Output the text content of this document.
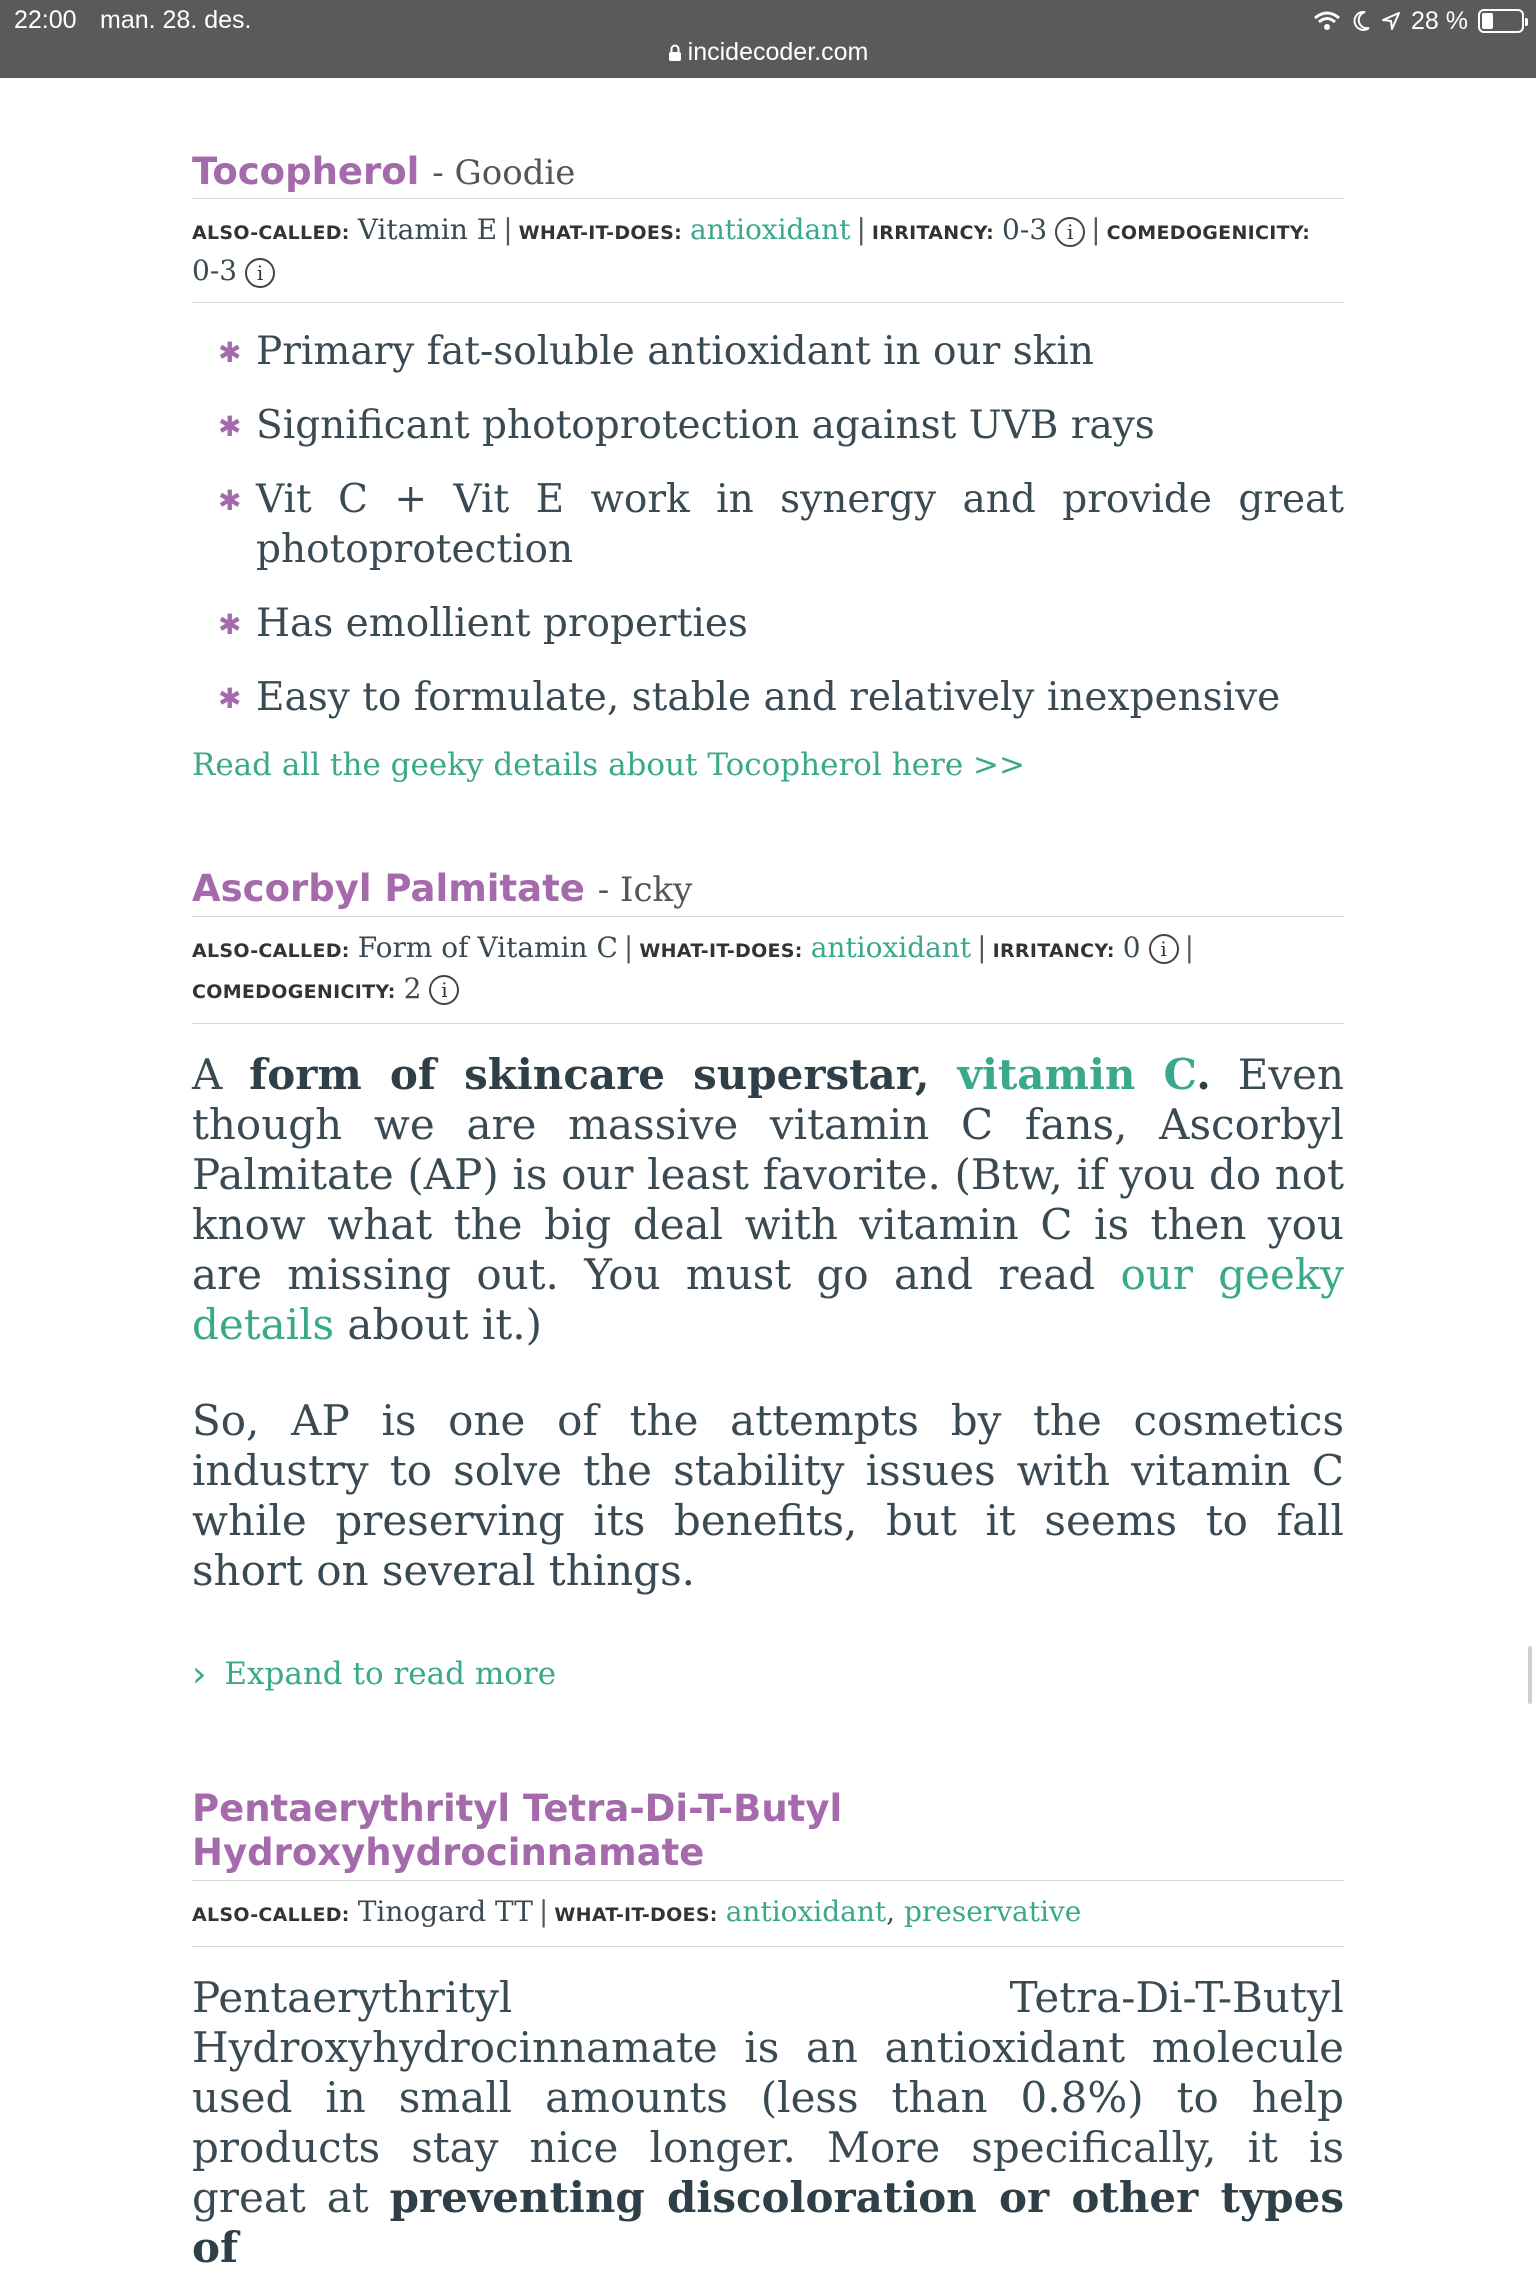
22:00 man. 28. des.	28 %
incidecoder.com
Tocopherol - Goodie
ALSO-CALLED: Vitamin E | WHAT-IT-DOES: antioxidant | IRRITANCY: 0-3 i | COMEDOGENICITY:
0-3 i
✱ Primary fat-soluble antioxidant in our skin
✱ Significant photoprotection against UVB rays
✱ Vit C + Vit E work in synergy and provide great photoprotection
✱ Has emollient properties
✱ Easy to formulate, stable and relatively inexpensive
Read all the geeky details about Tocopherol here >>
Ascorbyl Palmitate - Icky
ALSO-CALLED: Form of Vitamin C | WHAT-IT-DOES: antioxidant | IRRITANCY: 0 i |
COMEDOGENICITY: 2 i

A form of skincare superstar, vitamin C. Even though we are massive vitamin C fans, Ascorbyl Palmitate (AP) is our least favorite. (Btw, if you do not know what the big deal with vitamin C is then you are missing out. You must go and read our geeky details about it.)

So, AP is one of the attempts by the cosmetics industry to solve the stability issues with vitamin C while preserving its benefits, but it seems to fall short on several things.

› Expand to read more
Pentaerythrityl Tetra-Di-T-Butyl Hydroxyhydrocinnamate
ALSO-CALLED: Tinogard TT | WHAT-IT-DOES: antioxidant, preservative

Pentaerythrityl Tetra-Di-T-Butyl Hydroxyhydrocinnamate is an antioxidant molecule used in small amounts (less than 0.8%) to help products stay nice longer. More specifically, it is great at preventing discoloration or other types of
